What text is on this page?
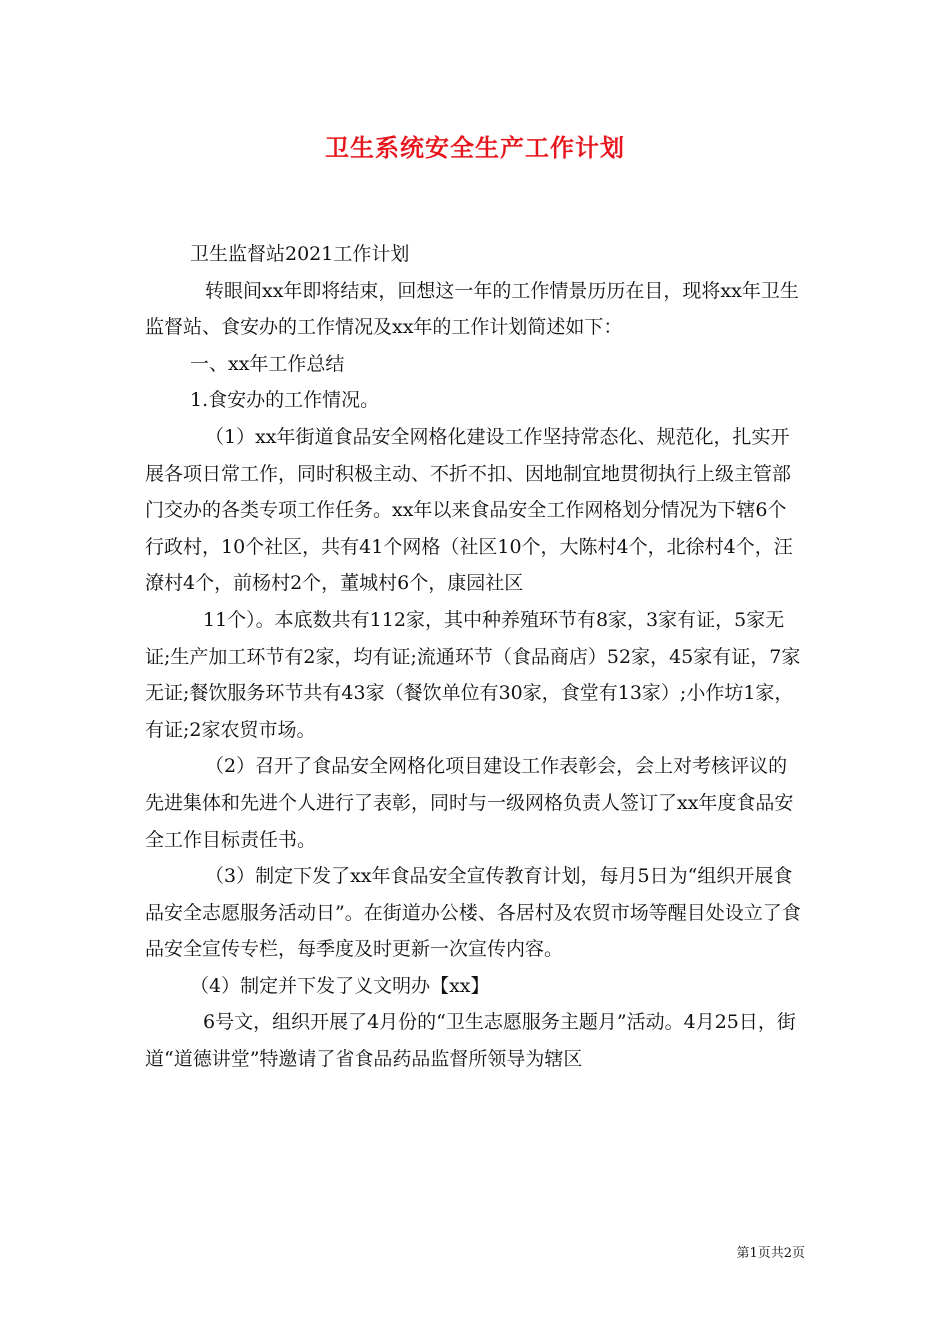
卫生系统安全生产工作计划

卫生监督站2021工作计划

转眼间xx年即将结束，回想这一年的工作情景历历在目，现将xx年卫生监督站、食安办的工作情况及xx年的工作计划简述如下：

一、xx年工作总结

1.食安办的工作情况。

（1）xx年街道食品安全网格化建设工作坚持常态化、规范化，扎实开展各项日常工作，同时积极主动、不折不扣、因地制宜地贯彻执行上级主管部门交办的各类专项工作任务。xx年以来食品安全工作网格划分情况为下辖6个行政村，10个社区，共有41个网格（社区10个，大陈村4个，北徐村4个，汪潦村4个，前杨村2个，董城村6个，康园社区

11个）。本底数共有112家，其中种养殖环节有8家，3家有证，5家无证;生产加工环节有2家，均有证;流通环节（食品商店）52家，45家有证，7家无证;餐饮服务环节共有43家（餐饮单位有30家，食堂有13家）;小作坊1家，有证;2家农贸市场。

（2）召开了食品安全网格化项目建设工作表彰会，会上对考核评议的先进集体和先进个人进行了表彰，同时与一级网格负责人签订了xx年度食品安全工作目标责任书。

（3）制定下发了xx年食品安全宣传教育计划，每月5日为“组织开展食品安全志愿服务活动日”。在街道办公楼、各居村及农贸市场等醒目处设立了食品安全宣传专栏，每季度及时更新一次宣传内容。

（4）制定并下发了义文明办【xx】

6号文，组织开展了4月份的“卫生志愿服务主题月”活动。4月25日，街道“道德讲堂”特邀请了省食品药品监督所领导为辖区

第1页共2页
